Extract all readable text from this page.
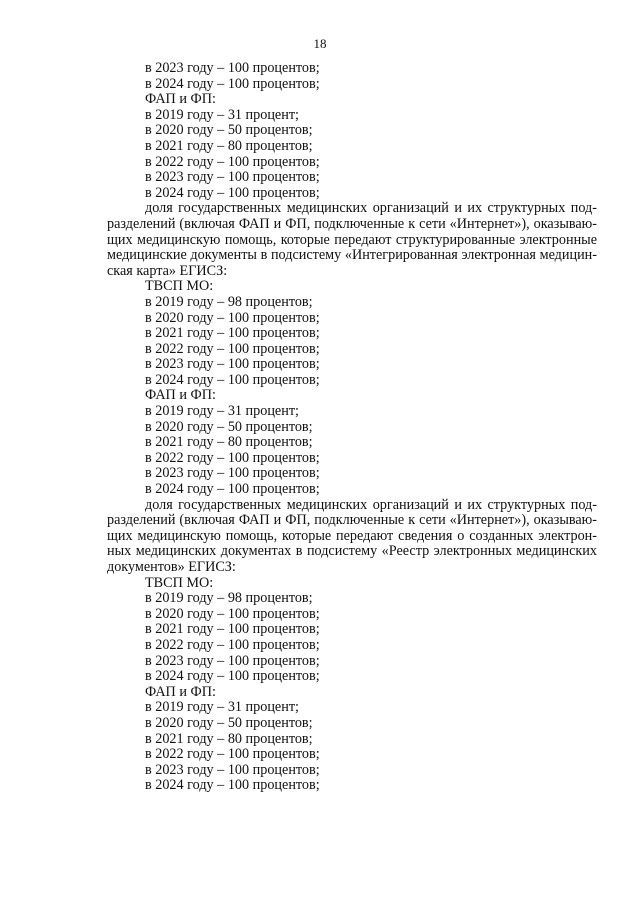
18
в 2023 году – 100 процентов;
в 2024 году – 100 процентов;
ФАП и ФП:
в 2019 году – 31 процент;
в 2020 году – 50 процентов;
в 2021 году – 80 процентов;
в 2022 году – 100 процентов;
в 2023 году – 100 процентов;
в 2024 году – 100 процентов;
доля государственных медицинских организаций и их структурных под-
разделений (включая ФАП и ФП, подключенные к сети «Интернет»), оказываю-
щих медицинскую помощь, которые передают структурированные электронные
медицинские документы в подсистему «Интегрированная электронная медицин-
ская карта» ЕГИСЗ:
ТВСП МО:
в 2019 году – 98 процентов;
в 2020 году – 100 процентов;
в 2021 году – 100 процентов;
в 2022 году – 100 процентов;
в 2023 году – 100 процентов;
в 2024 году – 100 процентов;
ФАП и ФП:
в 2019 году – 31 процент;
в 2020 году – 50 процентов;
в 2021 году – 80 процентов;
в 2022 году – 100 процентов;
в 2023 году – 100 процентов;
в 2024 году – 100 процентов;
доля государственных медицинских организаций и их структурных под-
разделений (включая ФАП и ФП, подключенные к сети «Интернет»), оказываю-
щих медицинскую помощь, которые передают сведения о созданных электрон-
ных медицинских документах в подсистему «Реестр электронных медицинских
документов» ЕГИСЗ:
ТВСП МО:
в 2019 году – 98 процентов;
в 2020 году – 100 процентов;
в 2021 году – 100 процентов;
в 2022 году – 100 процентов;
в 2023 году – 100 процентов;
в 2024 году – 100 процентов;
ФАП и ФП:
в 2019 году – 31 процент;
в 2020 году – 50 процентов;
в 2021 году – 80 процентов;
в 2022 году – 100 процентов;
в 2023 году – 100 процентов;
в 2024 году – 100 процентов;
